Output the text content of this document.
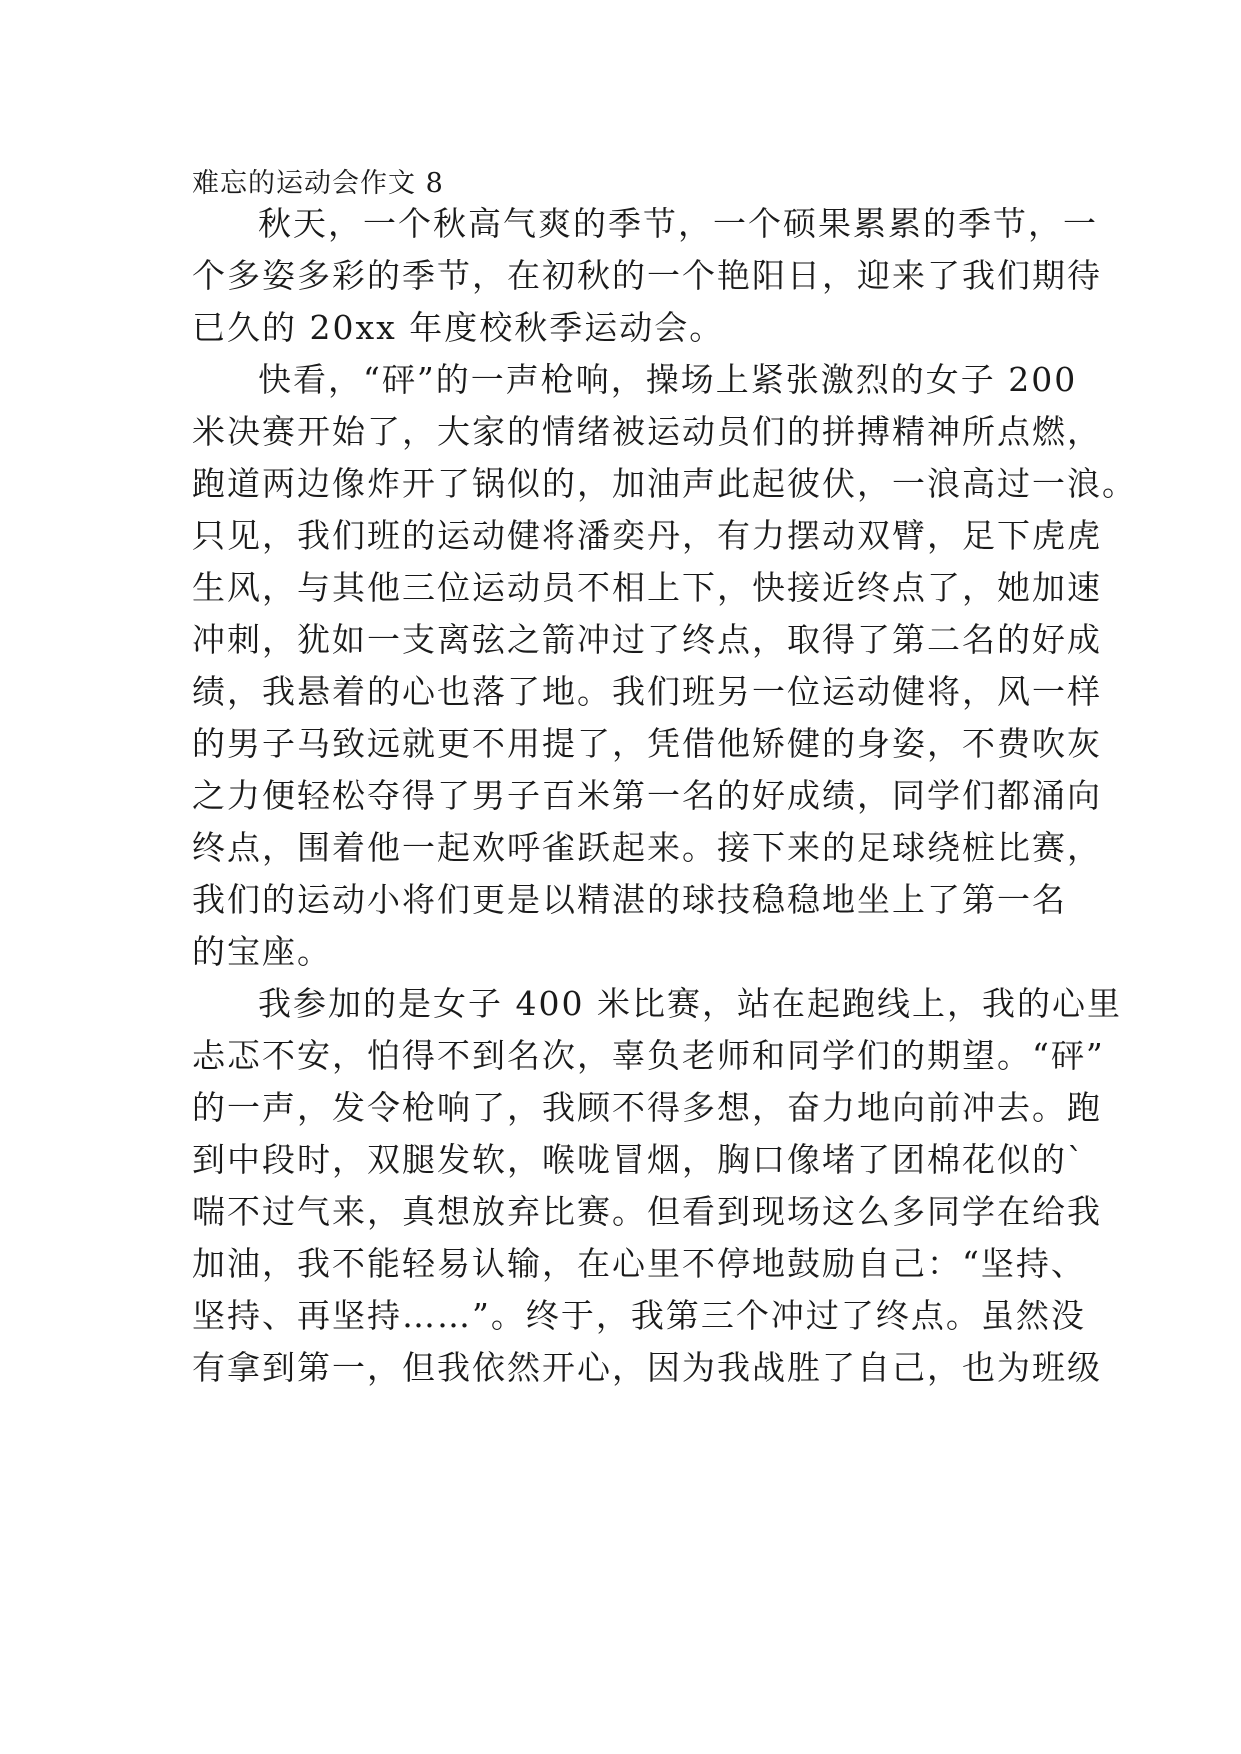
难忘的运动会作文 8
秋天，一个秋高气爽的季节，一个硕果累累的季节，一
个多姿多彩的季节，在初秋的一个艳阳日，迎来了我们期待
已久的 20xx 年度校秋季运动会。
快看，“砰”的一声枪响，操场上紧张激烈的女子 200
米决赛开始了，大家的情绪被运动员们的拼搏精神所点燃，
跑道两边像炸开了锅似的，加油声此起彼伏，一浪高过一浪。
只见，我们班的运动健将潘奕丹，有力摆动双臂，足下虎虎
生风，与其他三位运动员不相上下，快接近终点了，她加速
冲刺，犹如一支离弦之箭冲过了终点，取得了第二名的好成
绩，我悬着的心也落了地。我们班另一位运动健将，风一样
的男子马致远就更不用提了，凭借他矫健的身姿，不费吹灰
之力便轻松夺得了男子百米第一名的好成绩，同学们都涌向
终点，围着他一起欢呼雀跃起来。接下来的足球绕桩比赛，
我们的运动小将们更是以精湛的球技稳稳地坐上了第一名
的宝座。
我参加的是女子 400 米比赛，站在起跑线上，我的心里
忐忑不安，怕得不到名次，辜负老师和同学们的期望。“砰”
的一声，发令枪响了，我顾不得多想，奋力地向前冲去。跑
到中段时，双腿发软，喉咙冒烟，胸口像堵了团棉花似的`
喘不过气来，真想放弃比赛。但看到现场这么多同学在给我
加油，我不能轻易认输，在心里不停地鼓励自己：“坚持、
坚持、再坚持……”。终于，我第三个冲过了终点。虽然没
有拿到第一，但我依然开心，因为我战胜了自己，也为班级
